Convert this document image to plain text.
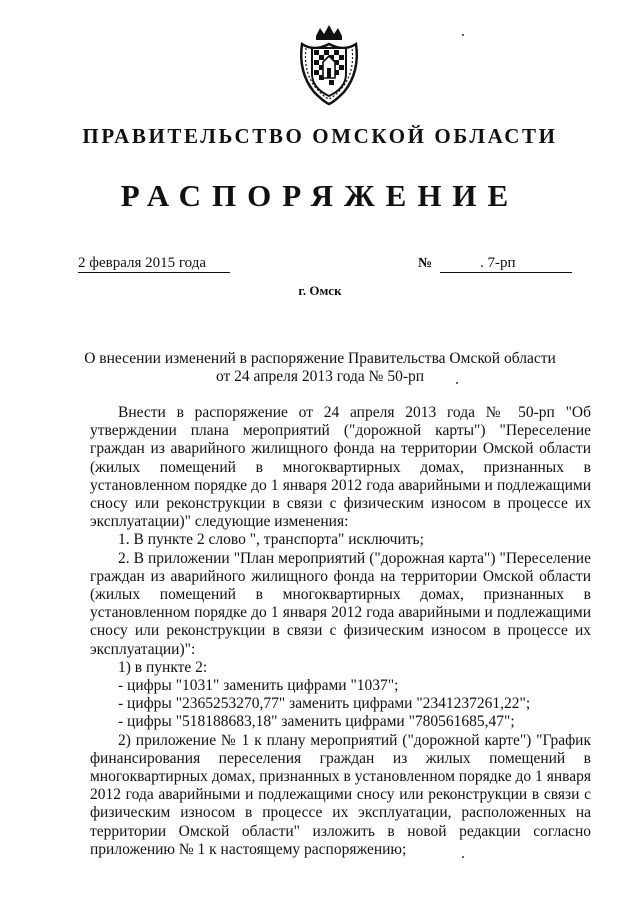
ПРАВИТЕЛЬСТВО ОМСКОЙ ОБЛАСТИ
РАСПОРЯЖЕНИЕ
2 февраля 2015 года	№	. 7-рп
г. Омск
О внесении изменений в распоряжение Правительства Омской области
от 24 апреля 2013 года № 50-рп

Внести в распоряжение от 24 апреля 2013 года № 50-рп "Об утверждении плана мероприятий ("дорожной карты") "Переселение граждан из аварийного жилищного фонда на территории Омской области (жилых помещений в многоквартирных домах, признанных в установленном порядке до 1 января 2012 года аварийными и подлежащими сносу или реконструкции в связи с физическим износом в процессе их эксплуатации)" следующие изменения:

1. В пункте 2 слово ", транспорта" исключить;

2. В приложении "План мероприятий ("дорожная карта") "Переселение граждан из аварийного жилищного фонда на территории Омской области (жилых помещений в многоквартирных домах, признанных в установленном порядке до 1 января 2012 года аварийными и подлежащими сносу или реконструкции в связи с физическим износом в процессе их эксплуатации)":

1) в пункте 2:

- цифры "1031" заменить цифрами "1037";

- цифры "2365253270,77" заменить цифрами "2341237261,22";

- цифры "518188683,18" заменить цифрами "780561685,47";

2) приложение № 1 к плану мероприятий ("дорожной карте") "График финансирования переселения граждан из жилых помещений в многоквартирных домах, признанных в установленном порядке до 1 января 2012 года аварийными и подлежащими сносу или реконструкции в связи с физическим износом в процессе их эксплуатации, расположенных на территории Омской области" изложить в новой редакции согласно приложению № 1 к настоящему распоряжению;
